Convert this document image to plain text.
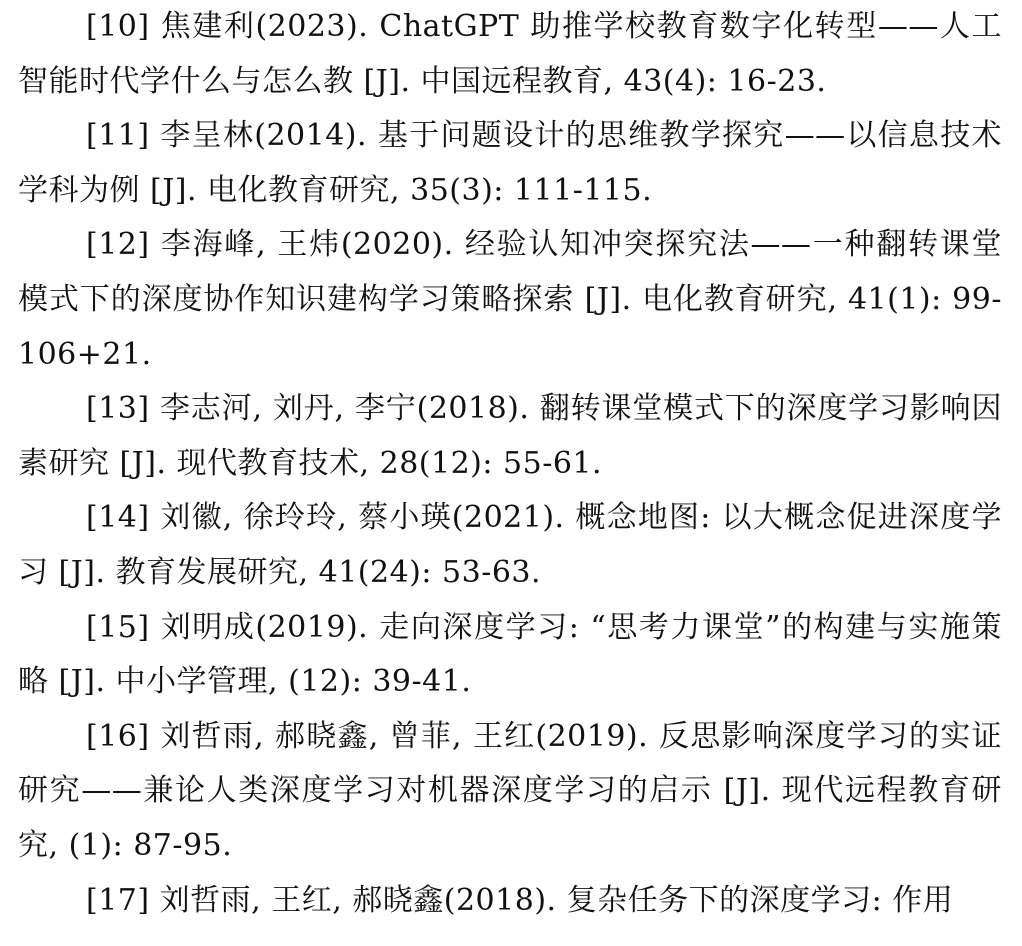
[10] 焦建利(2023). ChatGPT 助推学校教育数字化转型——人工智能时代学什么与怎么教 [J]. 中国远程教育, 43(4): 16-23.

[11] 李呈林(2014). 基于问题设计的思维教学探究——以信息技术学科为例 [J]. 电化教育研究, 35(3): 111-115.

[12] 李海峰, 王炜(2020). 经验认知冲突探究法——一种翻转课堂模式下的深度协作知识建构学习策略探索 [J]. 电化教育研究, 41(1): 99-106+21.

[13] 李志河, 刘丹, 李宁(2018). 翻转课堂模式下的深度学习影响因素研究 [J]. 现代教育技术, 28(12): 55-61.

[14] 刘徽, 徐玲玲, 蔡小瑛(2021). 概念地图: 以大概念促进深度学习 [J]. 教育发展研究, 41(24): 53-63.

[15] 刘明成(2019). 走向深度学习: “思考力课堂”的构建与实施策略 [J]. 中小学管理, (12): 39-41.

[16] 刘哲雨, 郝晓鑫, 曾菲, 王红(2019). 反思影响深度学习的实证研究——兼论人类深度学习对机器深度学习的启示 [J]. 现代远程教育研究, (1): 87-95.

[17] 刘哲雨, 王红, 郝晓鑫(2018). 复杂任务下的深度学习: 作用
